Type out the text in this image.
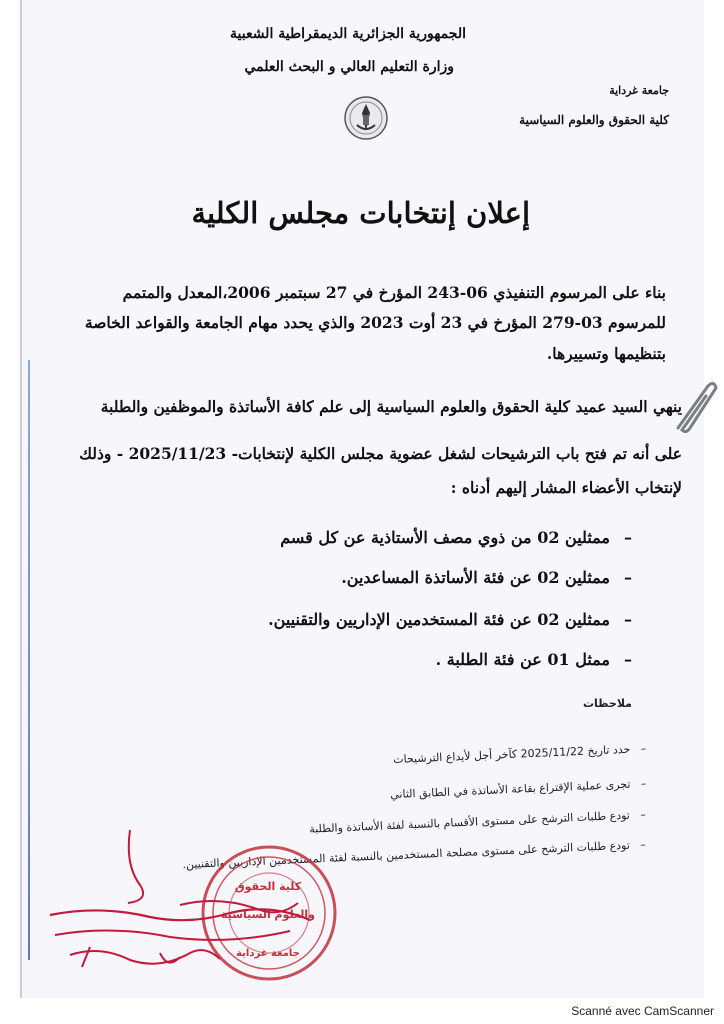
الجمهورية الجزائرية الديمقراطية الشعبية
وزارة التعليم العالي و البحث العلمي
جامعة غرداية
كلية الحقوق والعلوم السياسية
إعلان إنتخابات مجلس الكلية
بناء على المرسوم التنفيذي 06-243 المؤرخ في 27 سبتمبر 2006،المعدل والمتمم
للمرسوم 03-279 المؤرخ في 23 أوت 2023 والذي يحدد مهام الجامعة والقواعد الخاصة
بتنظيمها وتسييرها.
ينهي السيد عميد كلية الحقوق والعلوم السياسية إلى علم كافة الأساتذة والموظفين والطلبة
على أنه تم فتح باب الترشيحات لشغل عضوية مجلس الكلية لإنتخابات- 2025/11/23 - وذلك
لإنتخاب الأعضاء المشار إليهم أدناه :
–ممثلين 02 من ذوي مصف الأستاذية عن كل قسم
–ممثلين 02 عن فئة الأساتذة المساعدين.
–ممثلين 02 عن فئة المستخدمين الإداريين والتقنيين.
–ممثل 01 عن فئة الطلبة .
ملاحظات
–   حدد تاريخ 2025/11/22 كآخر أجل لأيداع الترشيحات
–   تجرى عملية الإقتراع بقاعة الأساتذة في الطابق الثاني
–   تودع طلبات الترشح على مستوى الأقسام بالنسبة لفئة الأساتذة والطلبة
–   تودع طلبات الترشح على مستوى مصلحة المستخدمين بالنسبة لفئة المستخدمين الإداريين والتقنيين.
كلية الحقوق
والعلوم السياسية
جامعة غرداية
Scanné avec CamScanner
